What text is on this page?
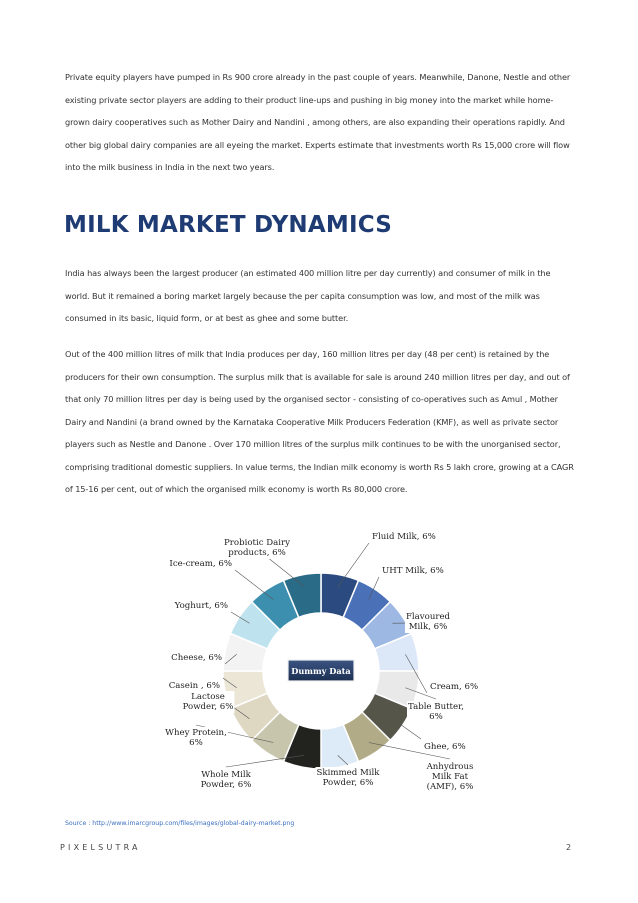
Private equity players have pumped in Rs 900 crore already in the past couple of years. Meanwhile, Danone, Nestle and other existing private sector players are adding to their product line-ups and pushing in big money into the market while home-grown dairy cooperatives such as Mother Dairy and Nandini , among others, are also expanding their operations rapidly. And other big global dairy companies are all eyeing the market. Experts estimate that investments worth Rs 15,000 crore will flow into the milk business in India in the next two years.

MILK MARKET DYNAMICS

India has always been the largest producer (an estimated 400 million litre per day currently) and consumer of milk in the world. But it remained a boring market largely because the per capita consumption was low, and most of the milk was consumed in its basic, liquid form, or at best as ghee and some butter.

Out of the 400 million litres of milk that India produces per day, 160 million litres per day (48 per cent) is retained by the producers for their own consumption. The surplus milk that is available for sale is around 240 million litres per day, and out of that only 70 million litres per day is being used by the organised sector - consisting of co-operatives such as Amul , Mother Dairy and Nandini (a brand owned by the Karnataka Cooperative Milk Producers Federation (KMF), as well as private sector players such as Nestle and Danone . Over 170 million litres of the surplus milk continues to be with the unorganised sector, comprising traditional domestic suppliers. In value terms, the Indian milk economy is worth Rs 5 lakh crore, growing at a CAGR of 15-16 per cent, out of which the organised milk economy is worth Rs 80,000 crore.

Fluid Milk, 6%
UHT Milk, 6%
Flavoured Milk, 6%
Cream, 6%
Table Butter, 6%
Ghee, 6%
Anhydrous Milk Fat (AMF), 6%
Skimmed Milk Powder, 6%
Whole Milk Powder, 6%
Whey Protein, 6%
Lactose Powder, 6%
Casein , 6%
Cheese, 6%
Yoghurt, 6%
Ice-cream, 6%
Probiotic Dairy products, 6%
Dummy Data

Source : http://www.imarcgroup.com/files/images/global-dairy-market.png

PIXELSUTRA	2
